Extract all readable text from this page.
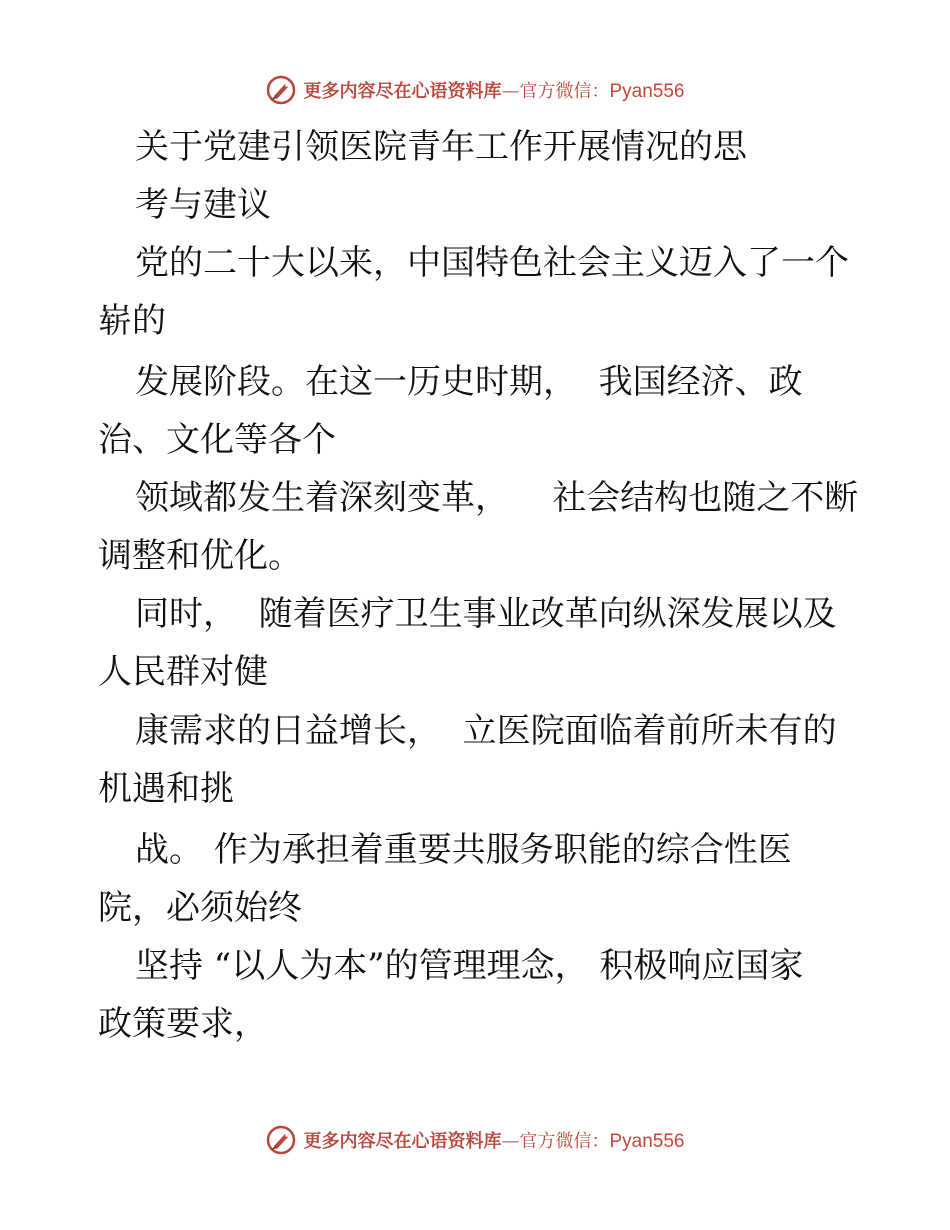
更多内容尽在心语资料库—官方微信：Pyan556
关于党建引领医院青年工作开展情况的思
考与建议
党的二十大以来，中国特色社会主义迈入了一个
崭的
发展阶段。在这一历史时期，  我国经济、政
治、文化等各个
领域都发生着深刻变革，    社会结构也随之不断
调整和优化。
同时，  随着医疗卫生事业改革向纵深发展以及
人民群对健
康需求的日益增长，  立医院面临着前所未有的
机遇和挑
战。 作为承担着重要共服务职能的综合性医
院，必须始终
坚持 “以人为本”的管理理念， 积极响应国家
政策要求，
更多内容尽在心语资料库—官方微信：Pyan556
